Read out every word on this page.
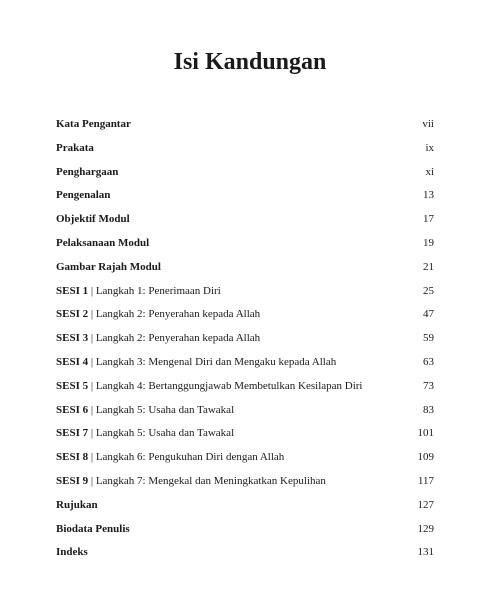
Isi Kandungan
Kata Pengantar	vii
Prakata	ix
Penghargaan	xi
Pengenalan	13
Objektif Modul	17
Pelaksanaan Modul	19
Gambar Rajah Modul	21
SESI 1 | Langkah 1: Penerimaan Diri	25
SESI 2 | Langkah 2: Penyerahan kepada Allah	47
SESI 3 | Langkah 2: Penyerahan kepada Allah	59
SESI 4 | Langkah 3: Mengenal Diri dan Mengaku kepada Allah	63
SESI 5 | Langkah 4: Bertanggungjawab Membetulkan Kesilapan Diri	73
SESI 6 | Langkah 5: Usaha dan Tawakal	83
SESI 7 | Langkah 5: Usaha dan Tawakal	101
SESI 8 | Langkah 6: Pengukuhan Diri dengan Allah	109
SESI 9 | Langkah 7: Mengekal dan Meningkatkan Kepulihan	117
Rujukan	127
Biodata Penulis	129
Indeks	131
